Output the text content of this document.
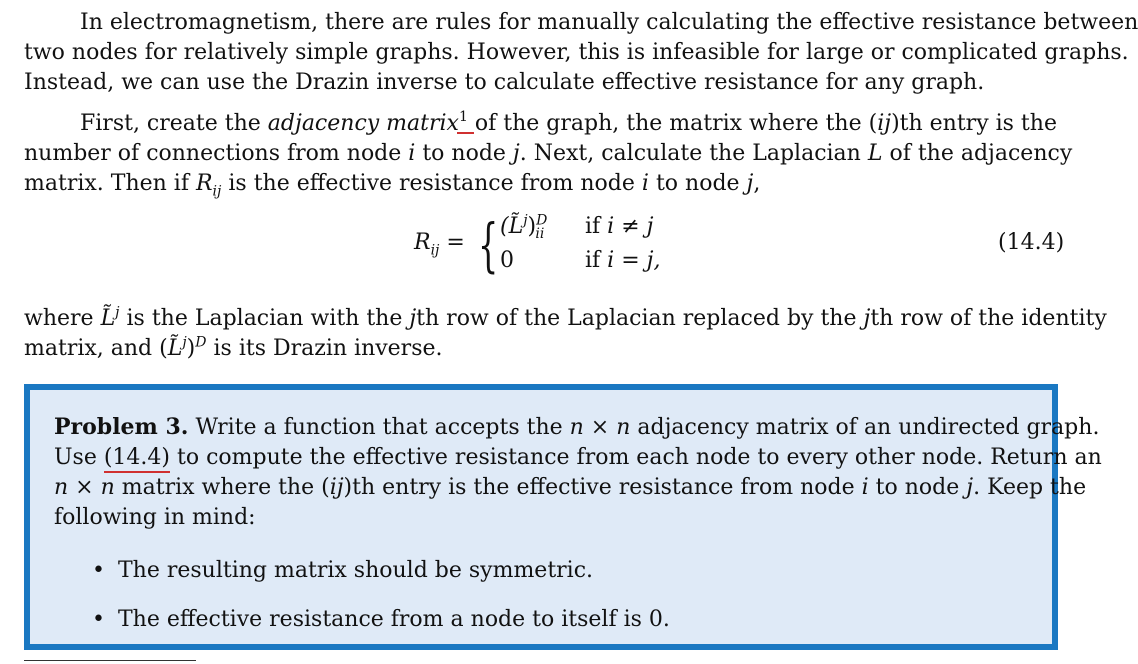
In electromagnetism, there are rules for manually calculating the effective resistance between
two nodes for relatively simple graphs. However, this is infeasible for large or complicated graphs.
Instead, we can use the Drazin inverse to calculate effective resistance for any graph.

First, create the adjacency matrix$^1$ of the graph, the matrix where the (ij)th entry is the
number of connections from node i to node j. Next, calculate the Laplacian L of the adjacency
matrix. Then if $R_{ij}$ is the effective resistance from node i to node j,

$R_{ij}$ = { (L̃$^j$)$^D_{ii}$ if i ≠ j
0	if i = j,
(14.4)

where L̃$^j$ is the Laplacian with the jth row of the Laplacian replaced by the jth row of the identity
matrix, and (L̃$^j$)$^D$ is its Drazin inverse.

Problem 3. Write a function that accepts the n × n adjacency matrix of an undirected graph.
Use (14.4) to compute the effective resistance from each node to every other node. Return an
n × n matrix where the (ij)th entry is the effective resistance from node i to node j. Keep the
following in mind:

• The resulting matrix should be symmetric.
• The effective resistance from a node to itself is 0.
